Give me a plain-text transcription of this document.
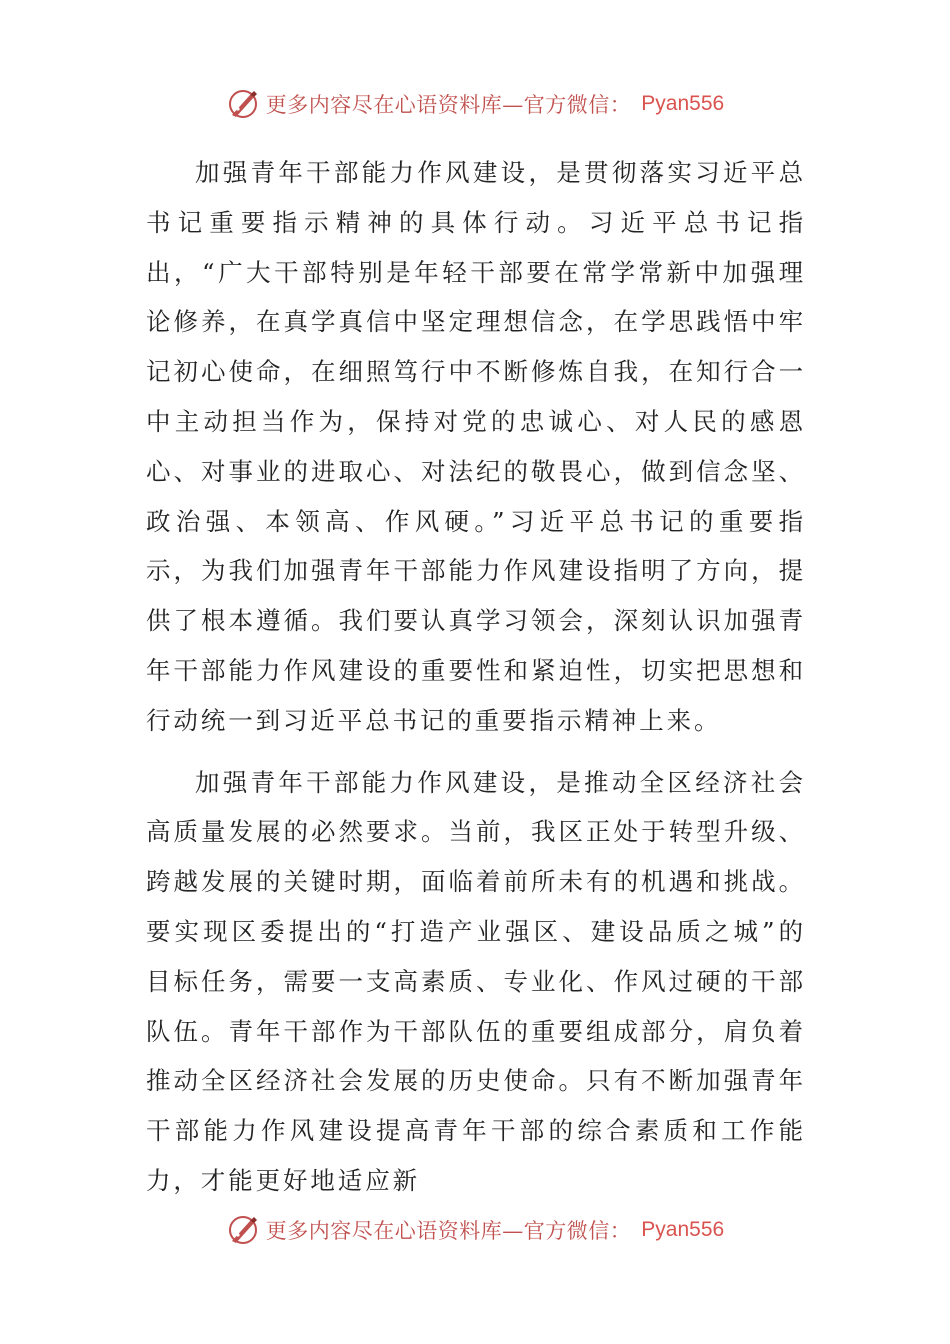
更多内容尽在心语资料库—官方微信： Pyan556

加强青年干部能力作风建设，是贯彻落实习近平总书记重要指示精神的具体行动。习近平总书记指出，“广大干部特别是年轻干部要在常学常新中加强理论修养，在真学真信中坚定理想信念，在学思践悟中牢记初心使命，在细照笃行中不断修炼自我，在知行合一中主动担当作为，保持对党的忠诚心、对人民的感恩心、对事业的进取心、对法纪的敬畏心，做到信念坚、政治强、本领高、作风硬。”习近平总书记的重要指示，为我们加强青年干部能力作风建设指明了方向，提供了根本遵循。我们要认真学习领会，深刻认识加强青年干部能力作风建设的重要性和紧迫性，切实把思想和行动统一到习近平总书记的重要指示精神上来。

加强青年干部能力作风建设，是推动全区经济社会高质量发展的必然要求。当前，我区正处于转型升级、跨越发展的关键时期，面临着前所未有的机遇和挑战。要实现区委提出的“打造产业强区、建设品质之城”的目标任务，需要一支高素质、专业化、作风过硬的干部队伍。青年干部作为干部队伍的重要组成部分，肩负着推动全区经济社会发展的历史使命。只有不断加强青年干部能力作风建设提高青年干部的综合素质和工作能力，才能更好地适应新

更多内容尽在心语资料库—官方微信： Pyan556
